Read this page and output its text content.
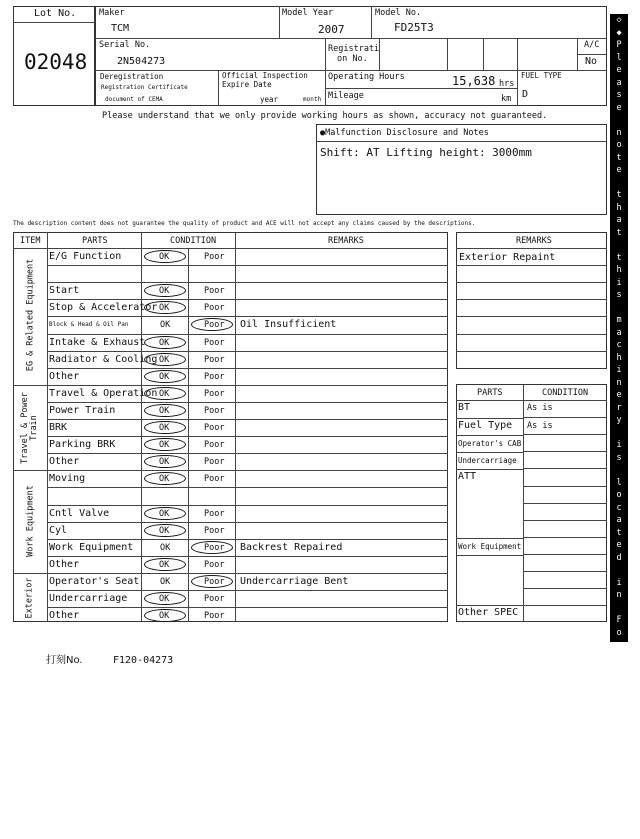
Lot No.
02048
Maker
TCM
Model Year
2007
Model No.
FD25T3
Serial No.
2N504273
Registrati
on No.
A/C
No
Deregistration
Registration Certificate
document of CEMA
Official Inspection
Expire Date
year	month
Operating Hours	15,638 hrs
Mileage	km
FUEL TYPE
D
Please understand that we only provide working hours as shown, accuracy not guaranteed.
●Malfunction Disclosure and Notes
Shift: AT Lifting height: 3000mm
The description content does not guarantee the quality of product and ACE will not accept any claims caused by the descriptions.
ITEM	PARTS	CONDITION	REMARKS
E/G Function	OK	Poor
Start	OK	Poor
Stop & Accelerator OK	Poor
Block & Head & Oil Pan	OK	Poor Oil Insufficient
Intake & Exhaust OK	Poor
Radiator & Cooling OK	Poor
Other	OK	Poor
EG & Related Equipment
Travel & Operation OK	Poor
Power Train	OK	Poor
BRK	OK	Poor
Parking BRK	OK	Poor
Other	OK	Poor
Travel & Power Train
Moving	OK	Poor
Cntl Valve	OK	Poor
Cyl	OK	Poor
Work Equipment	OK	Poor Backrest Repaired
Other	OK	Poor
Work Equipment
Operator's Seat OK	Poor Undercarriage Bent
Undercarriage	OK	Poor
Other	OK	Poor
Exterior
REMARKS
Exterior Repaint
PARTS	CONDITION
BT	As is
Fuel Type As is
Operator's CAB
Undercarriage
ATT
Work Equipment
Other SPEC
◇
◆
P
l
e
a
s
e

n
o
t
e

t
h
a
t

t
h
i
s

m
a
c
h
i
n
e
r
y

i
s

l
o
c
a
t
e
d

i
n

F
o
r
k
l
i
f
t

P
a
r
k
i
n
g
◆
◇
打刻No.	F120-04273
